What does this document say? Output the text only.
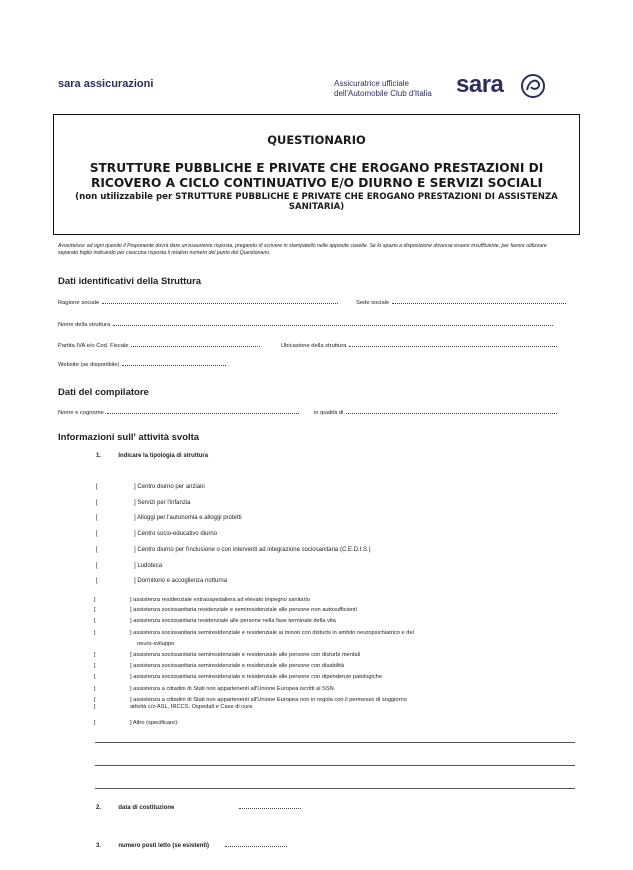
sara assicurazioni	Assicuratrice ufficiale
dell'Automobile Club d'Italia	sara
QUESTIONARIO
STRUTTURE PUBBLICHE E PRIVATE CHE EROGANO PRESTAZIONI DI RICOVERO A CICLO CONTINUATIVO E/O DIURNO E SERVIZI SOCIALI
(non utilizzabile per STRUTTURE PUBBLICHE E PRIVATE CHE EROGANO PRESTAZIONI DI ASSISTENZA SANITARIA)
Avvertenza: ad ogni quesito il Proponente dovrà dare un'esauriente risposta, pregando di scrivere in stampatello nelle apposite caselle. Se lo spazio a disposizione dovesse essere insufficiente, per favore utilizzare separato foglio indicando per ciascuna risposta il relativo numero del punto del Questionario.
Dati identificativi della Struttura
Ragione sociale	Sede sociale
Nome della struttura
Partita IVA e/o Cod. Fiscale	Ubicazione della struttura
Website (se disponibile)
Dati del compilatore
Nome e cognome	in qualità di
Informazioni sull' attività svolta
1.	Indicare la tipologia di struttura
[	] Centro diurno per anziani
[	] Servizi per l'infanzia
[	] Alloggi per l'autonomia e alloggi protetti
[	] Centro socio-educativo diurno
[	] Centro diurno per l'inclusione o con interventi ad integrazione sociosanitaria (C.E.D.I.S.)
[	] Ludoteca
[	] Dormitorio e accoglienza notturna
[	] assistenza residenziale extraospedaliera ad elevato impegno sanitario
[	] assistenza sociosanitaria residenziale e semiresidenziale alle persone non autosufficienti
[	] assistenza sociosanitaria residenziale alle persone nella fase terminale della vita
[	] assistenza sociosanitaria semiresidenziale e residenziale ai minori con disturbi in ambito neuropsichiatrico e del
neuro-sviluppo
[	] assistenza sociosanitaria semiresidenziale e residenziale alle persone con disturbi mentali
[	] assistenza sociosanitaria semiresidenziale e residenziale alle persone con disabilità
[	] assistenza sociosanitaria semiresidenziale e residenziale alle persone con dipendenze patologiche
[	] assistenza a cittadini di Stati non appartenenti all'Unione Europea iscritti al SSN
[	] assistenza a cittadini di Stati non appartenenti all'Unione Europea non in regola con il permesso di soggiorno
[	attività c/o ASL, IRCCS, Ospedali e Case di cura
[	] Altro (specificare):
2.	data di costituzione
3.	numero posti letto (se esistenti)
